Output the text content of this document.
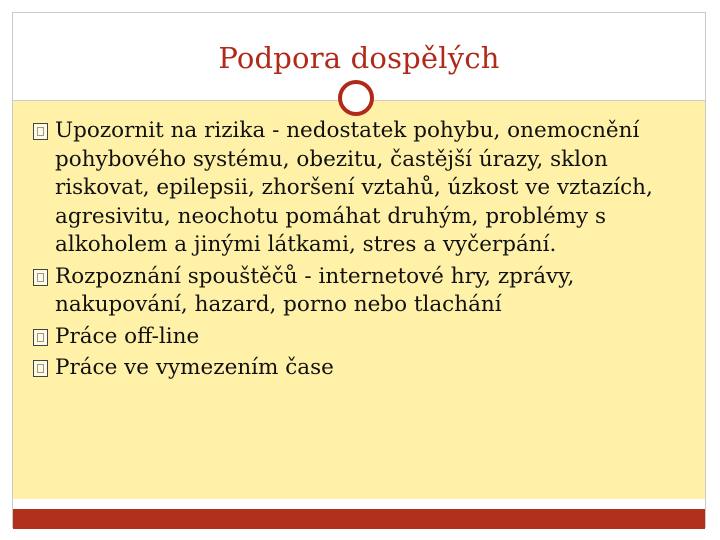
Podpora dospělých
Upozornit na rizika - nedostatek pohybu, onemocnění pohybového systému, obezitu, častější úrazy, sklon riskovat, epilepsii, zhoršení vztahů, úzkost ve vztazích, agresivitu, neochotu pomáhat druhým, problémy s alkoholem a jinými látkami, stres a vyčerpání.
Rozpoznání spouštěčů - internetové hry, zprávy, nakupování, hazard, porno nebo tlachání
Práce off-line
Práce ve vymezením čase
